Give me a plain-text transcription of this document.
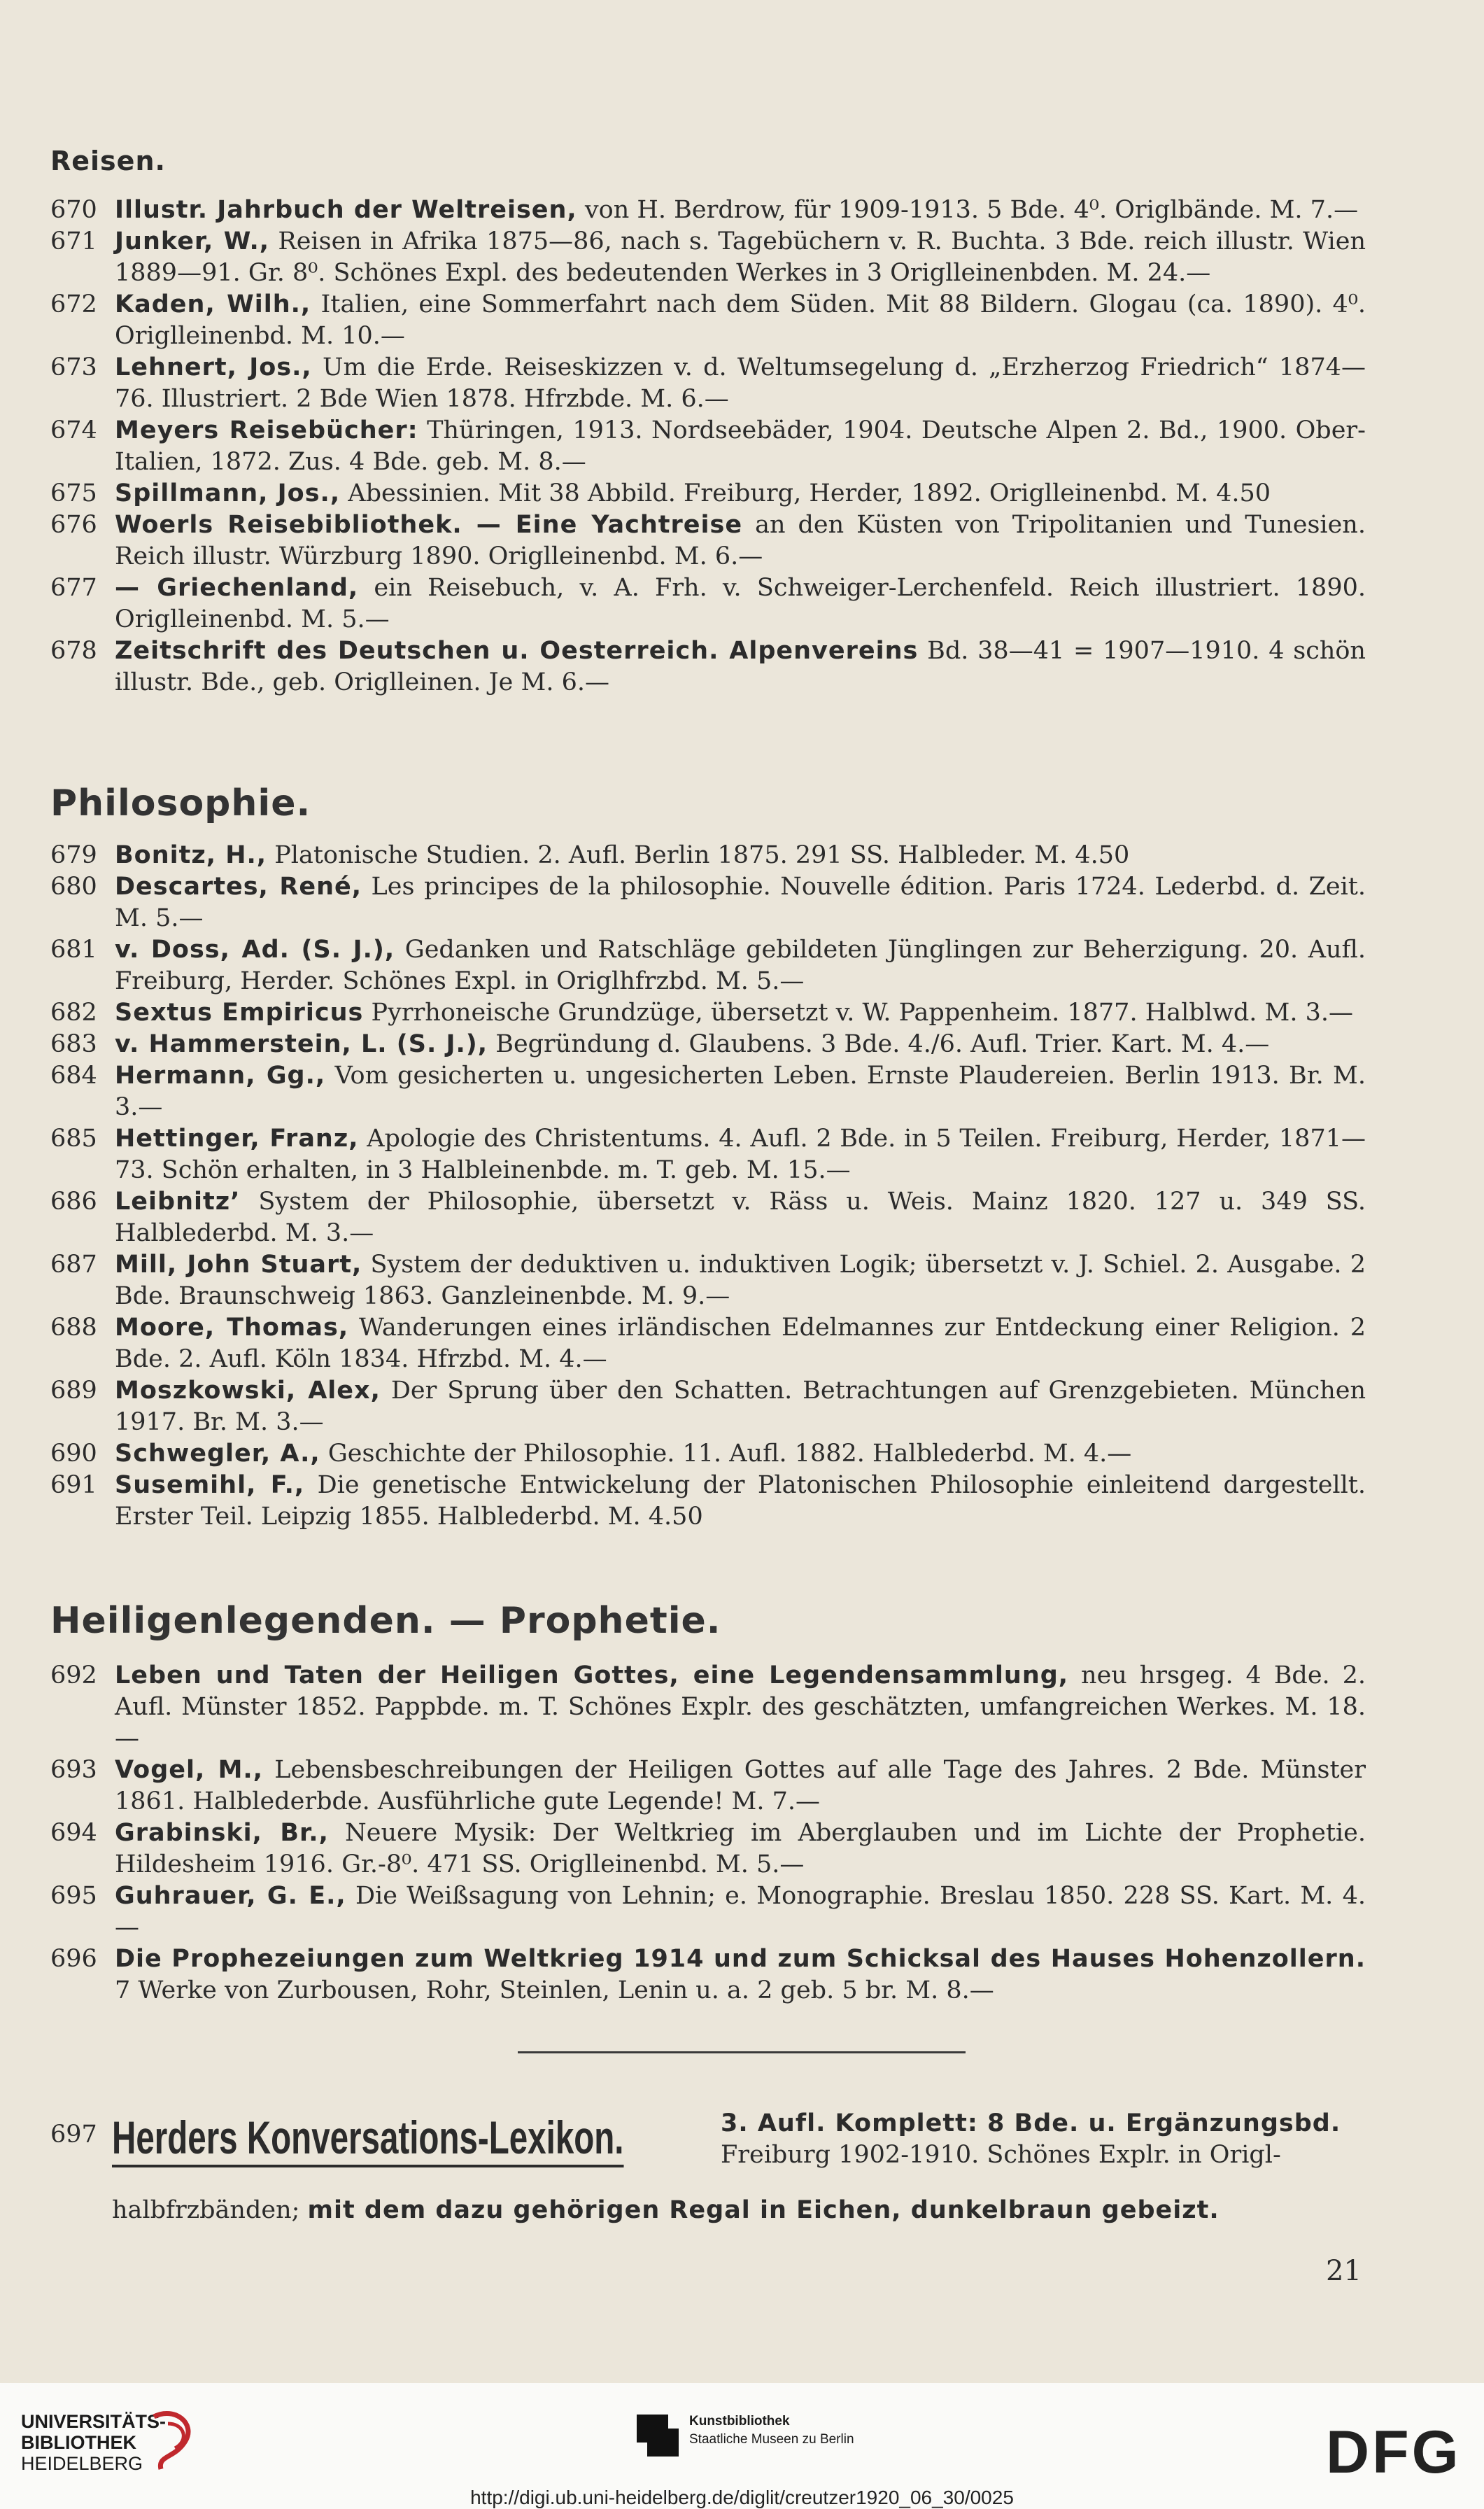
Reisen.
670 Illustr. Jahrbuch der Weltreisen, von H. Berdrow, für 1909-1913. 5 Bde. 4⁰. Origlbände. M. 7.—
671 Junker, W., Reisen in Afrika 1875—86, nach s. Tagebüchern v. R. Buchta. 3 Bde. reich illustr. Wien 1889—91. Gr. 8⁰. Schönes Expl. des bedeutenden Werkes in 3 Origlleinenbden. M. 24.—
672 Kaden, Wilh., Italien, eine Sommerfahrt nach dem Süden. Mit 88 Bildern. Glogau (ca. 1890). 4⁰. Origlleinenbd. M. 10.—
673 Lehnert, Jos., Um die Erde. Reiseskizzen v. d. Weltumsegelung d. „Erzherzog Friedrich“ 1874—76. Illustriert. 2 Bde Wien 1878. Hfrzbde. M. 6.—
674 Meyers Reisebücher: Thüringen, 1913. Nordseebäder, 1904. Deutsche Alpen 2. Bd., 1900. Ober-Italien, 1872. Zus. 4 Bde. geb. M. 8.—
675 Spillmann, Jos., Abessinien. Mit 38 Abbild. Freiburg, Herder, 1892. Origlleinenbd. M. 4.50
676 Woerls Reisebibliothek. — Eine Yachtreise an den Küsten von Tripolitanien und Tunesien. Reich illustr. Würzburg 1890. Origlleinenbd. M. 6.—
677 — Griechenland, ein Reisebuch, v. A. Frh. v. Schweiger-Lerchenfeld. Reich illustriert. 1890. Origlleinenbd. M. 5.—
678 Zeitschrift des Deutschen u. Oesterreich. Alpenvereins Bd. 38—41 = 1907—1910. 4 schön illustr. Bde., geb. Origlleinen. Je M. 6.—
Philosophie.
679 Bonitz, H., Platonische Studien. 2. Aufl. Berlin 1875. 291 SS. Halbleder. M. 4.50
680 Descartes, René, Les principes de la philosophie. Nouvelle édition. Paris 1724. Lederbd. d. Zeit. M. 5.—
681 v. Doss, Ad. (S. J.), Gedanken und Ratschläge gebildeten Jünglingen zur Beherzigung. 20. Aufl. Freiburg, Herder. Schönes Expl. in Origlhfrzbd. M. 5.—
682 Sextus Empiricus Pyrrhoneische Grundzüge, übersetzt v. W. Pappenheim. 1877. Halblwd. M. 3.—
683 v. Hammerstein, L. (S. J.), Begründung d. Glaubens. 3 Bde. 4./6. Aufl. Trier. Kart. M. 4.—
684 Hermann, Gg., Vom gesicherten u. ungesicherten Leben. Ernste Plaudereien. Berlin 1913. Br. M. 3.—
685 Hettinger, Franz, Apologie des Christentums. 4. Aufl. 2 Bde. in 5 Teilen. Freiburg, Herder, 1871—73. Schön erhalten, in 3 Halbleinenbde. m. T. geb. M. 15.—
686 Leibnitz’ System der Philosophie, übersetzt v. Räss u. Weis. Mainz 1820. 127 u. 349 SS. Halblederbd. M. 3.—
687 Mill, John Stuart, System der deduktiven u. induktiven Logik; übersetzt v. J. Schiel. 2. Ausgabe. 2 Bde. Braunschweig 1863. Ganzleinenbde. M. 9.—
688 Moore, Thomas, Wanderungen eines irländischen Edelmannes zur Entdeckung einer Religion. 2 Bde. 2. Aufl. Köln 1834. Hfrzbd. M. 4.—
689 Moszkowski, Alex, Der Sprung über den Schatten. Betrachtungen auf Grenzgebieten. München 1917. Br. M. 3.—
690 Schwegler, A., Geschichte der Philosophie. 11. Aufl. 1882. Halblederbd. M. 4.—
691 Susemihl, F., Die genetische Entwickelung der Platonischen Philosophie einleitend dargestellt. Erster Teil. Leipzig 1855. Halblederbd. M. 4.50
Heiligenlegenden. — Prophetie.
692 Leben und Taten der Heiligen Gottes, eine Legendensammlung, neu hrsgeg. 4 Bde. 2. Aufl. Münster 1852. Pappbde. m. T. Schönes Explr. des geschätzten, umfangreichen Werkes. M. 18.—
693 Vogel, M., Lebensbeschreibungen der Heiligen Gottes auf alle Tage des Jahres. 2 Bde. Münster 1861. Halblederbde. Ausführliche gute Legende! M. 7.—
694 Grabinski, Br., Neuere Mysik: Der Weltkrieg im Aberglauben und im Lichte der Prophetie. Hildesheim 1916. Gr.-8⁰. 471 SS. Origlleinenbd. M. 5.—
695 Guhrauer, G. E., Die Weißsagung von Lehnin; e. Monographie. Breslau 1850. 228 SS. Kart. M. 4.—
696 Die Prophezeiungen zum Weltkrieg 1914 und zum Schicksal des Hauses Hohenzollern. 7 Werke von Zurbousen, Rohr, Steinlen, Lenin u. a. 2 geb. 5 br. M. 8.—
697 Herders Konversations-Lexikon.	3. Aufl. Komplett: 8 Bde. u. Ergänzungsbd.
Freiburg 1902-1910. Schönes Explr. in Origl-
halbfrzbänden; mit dem dazu gehörigen Regal in Eichen, dunkelbraun gebeizt.
21
UNIVERSITÄTS-
BIBLIOTHEK
HEIDELBERG
Kunstbibliothek
Staatliche Museen zu Berlin	DFG
http://digi.ub.uni-heidelberg.de/diglit/creutzer1920_06_30/0025
